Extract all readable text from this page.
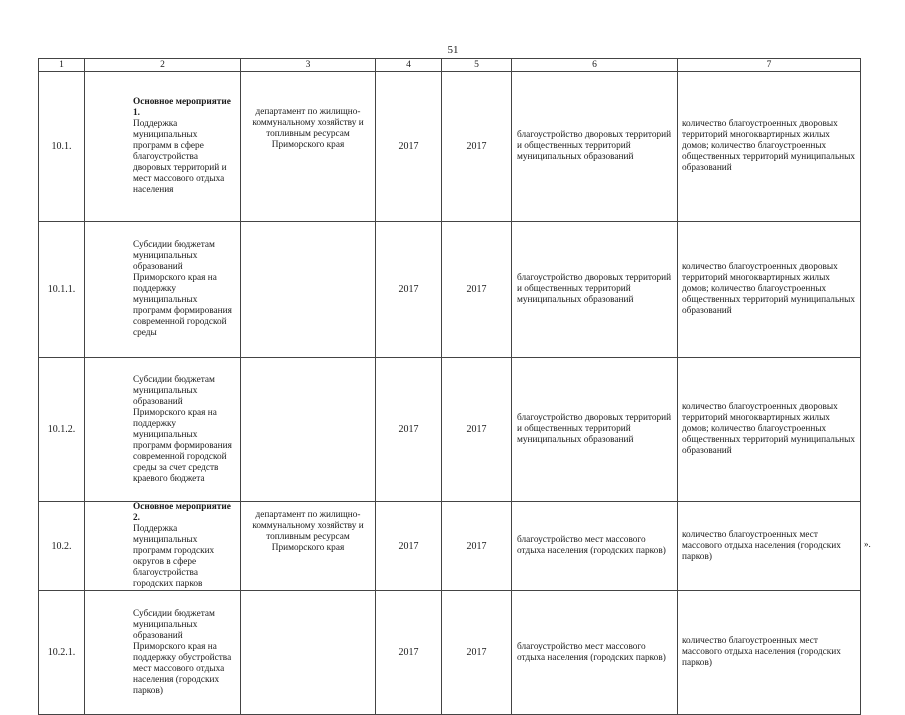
51
1	2	3	4	5	6	7
10.1.	Основное мероприятие 1.
Поддержка муниципальных программ в сфере благоустройства дворовых территорий и мест массового отдыха населения	департамент по жилищно-коммунальному хозяйству и топливным ресурсам Приморского края	2017	2017	благоустройство дворовых территорий и общественных территорий муниципальных образований	количество благоустроенных дворовых территорий многоквартирных жилых домов; количество благоустроенных общественных территорий муниципальных образований
10.1.1.	Субсидии бюджетам муниципальных образований Приморского края на поддержку муниципальных программ формирования современной городской среды		2017	2017	благоустройство дворовых территорий и общественных территорий муниципальных образований	количество благоустроенных дворовых территорий многоквартирных жилых домов; количество благоустроенных общественных территорий муниципальных образований
10.1.2.	Субсидии бюджетам муниципальных образований Приморского края на поддержку муниципальных программ формирования современной городской среды за счет средств краевого бюджета		2017	2017	благоустройство дворовых территорий и общественных территорий муниципальных образований	количество благоустроенных дворовых территорий многоквартирных жилых домов; количество благоустроенных общественных территорий муниципальных образований
10.2.	Основное мероприятие 2.
Поддержка муниципальных программ городских округов в сфере благоустройства городских парков	департамент по жилищно-коммунальному хозяйству и топливным ресурсам Приморского края	2017	2017	благоустройство мест массового отдыха населения (городских парков)	количество благоустроенных мест массового отдыха населения (городских парков)
10.2.1.	Субсидии бюджетам муниципальных образований Приморского края на поддержку обустройства мест массового отдыха населения (городских парков)		2017	2017	благоустройство мест массового отдыха населения (городских парков)	количество благоустроенных мест массового отдыха населения (городских парков)
».
